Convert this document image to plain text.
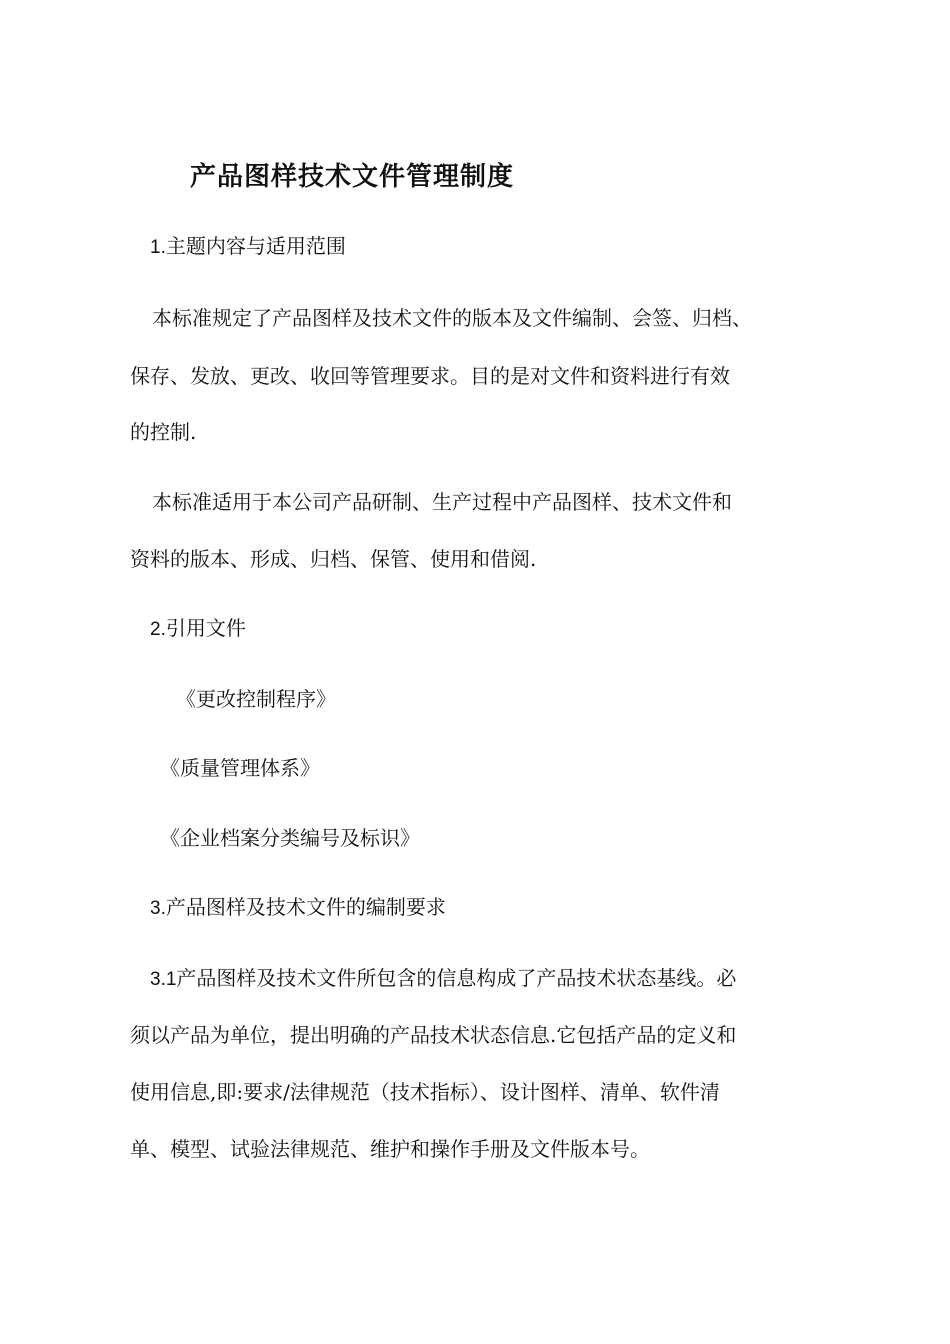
产品图样技术文件管理制度

1.主题内容与适用范围

本标准规定了产品图样及技术文件的版本及文件编制、会签、归档、

保存、发放、更改、收回等管理要求。目的是对文件和资料进行有效

的控制.

本标准适用于本公司产品研制、生产过程中产品图样、技术文件和

资料的版本、形成、归档、保管、使用和借阅.

2.引用文件

《更改控制程序》

《质量管理体系》

《企业档案分类编号及标识》

3.产品图样及技术文件的编制要求

3.1产品图样及技术文件所包含的信息构成了产品技术状态基线。必

须以产品为单位，提出明确的产品技术状态信息.它包括产品的定义和

使用信息,即:要求/法律规范（技术指标）、设计图样、清单、软件清

单、模型、试验法律规范、维护和操作手册及文件版本号。
